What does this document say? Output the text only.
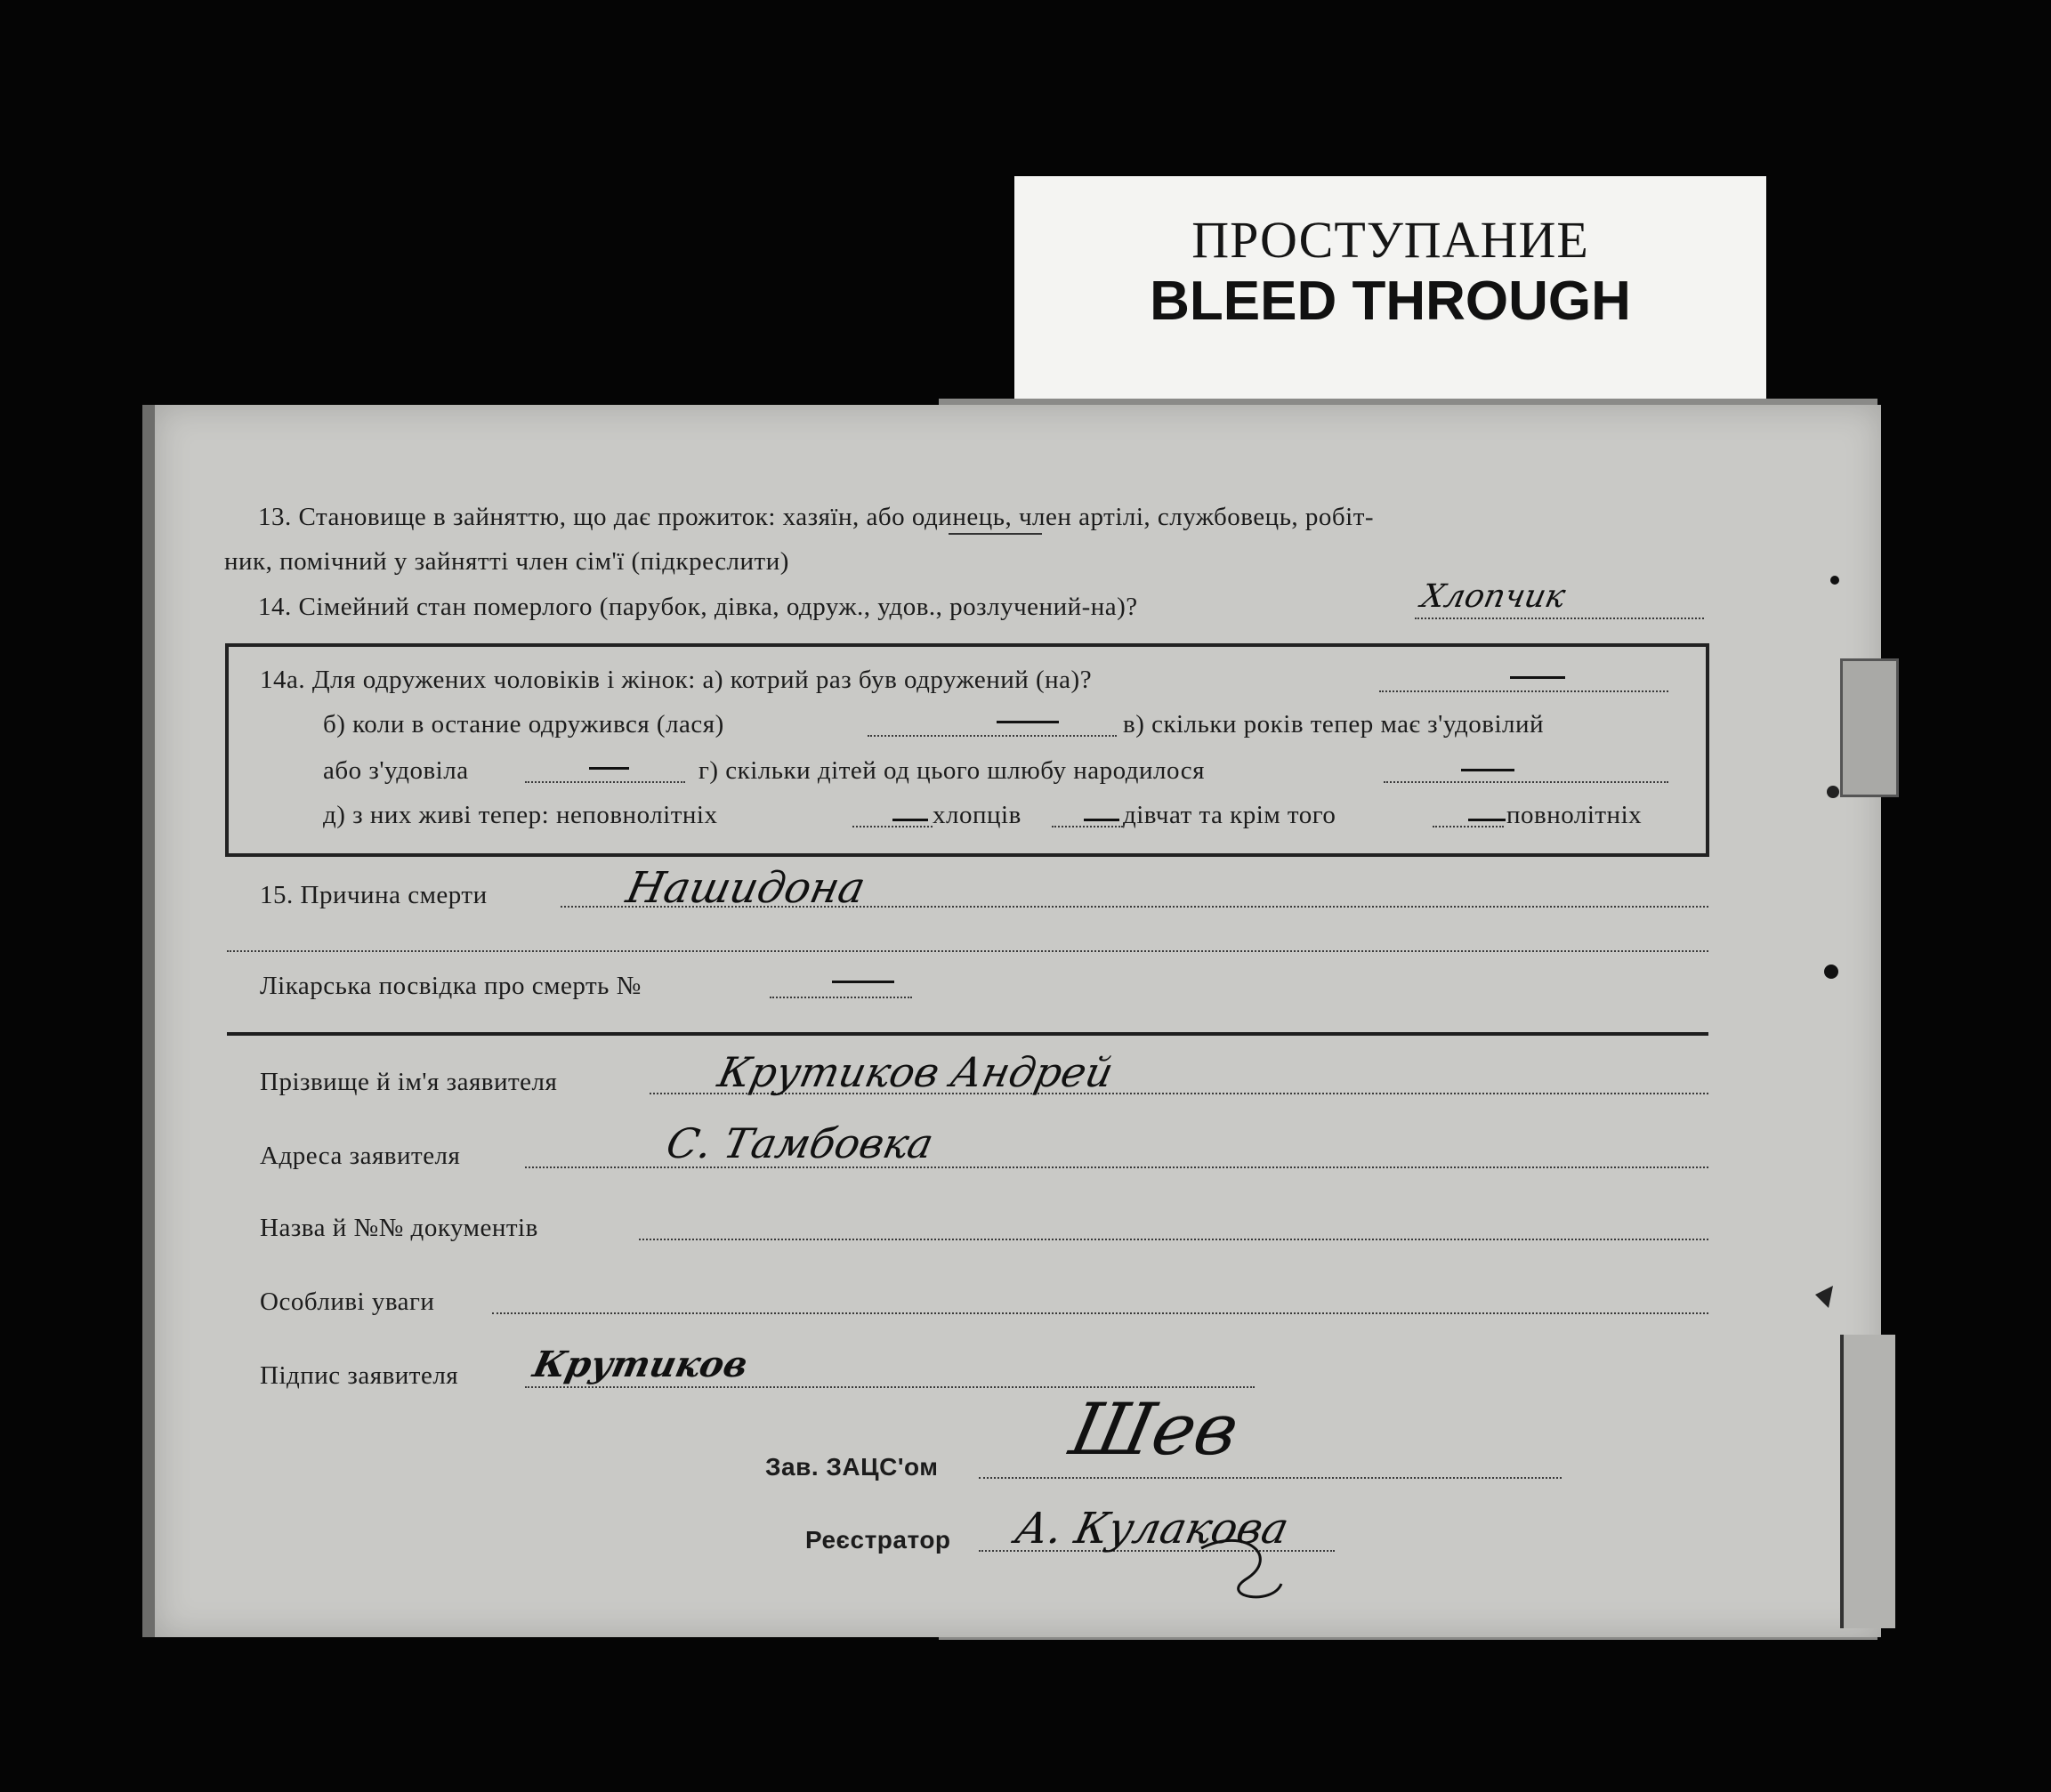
ПРОСТУПАНИЕ
BLEED THROUGH
13. Становище в зайняттю, що дає прожиток: хазяїн, або одинець, член артілі, службовець, робіт-
ник, помічний у зайнятті член сім'ї (підкреслити)
14. Сімейний стан померлого (парубок, дівка, одруж., удов., розлучений-на)?	Хлопчик
14а. Для одружених чоловіків і жінок: а) котрий раз був одружений (на)?
б) коли в остание одружився (лася)	в) скільки років тепер має з'удовілий
або з'удовіла	г) скільки дітей од цього шлюбу народилося
д) з них живі тепер: неповнолітніх	хлопців	дівчат та крім того	повнолітніх
15. Причина смерти	Нашидона
Лікарська посвідка про смерть №
Прізвище й ім'я заявителя	Крутиков Андрей
Адреса заявителя	С. Тамбовка
Назва й №№ документів
Особливі уваги
Підпис заявителя Крутиков
Зав. ЗАЦС'ом Шев
Реєстратор А. Кулакова
